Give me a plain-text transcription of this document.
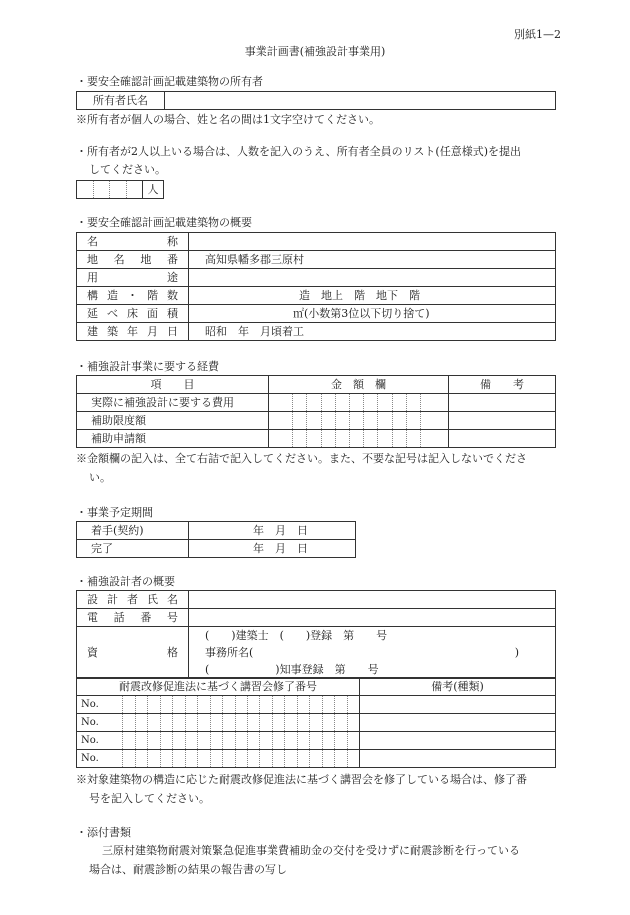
別紙1—2
事業計画書(補強設計事業用)
・要安全確認計画記載建築物の所有者
所有者氏名	
※所有者が個人の場合、姓と名の間は1文字空けてください。
・所有者が2人以上いる場合は、人数を記入のうえ、所有者全員のリスト(任意様式)を提出
してください。
	人
・要安全確認計画記載建築物の概要
名　　　称	
地 名 地 番	高知県幡多郡三原村
用　　　途	
構造・階数	造　地上　階　地下　階
延べ床面積	㎡(小数第3位以下切り捨て)
建築年月日	昭和　年　月頃着工
・補強設計事業に要する経費
項　　目	金　額　欄	備　　考
実際に補強設計に要する費用	

補助限度額	

補助申請額	

※金額欄の記入は、全て右詰で記入してください。また、不要な記号は記入しないでくださ
い。
・事業予定期間
着手(契約)	年　月　日
完了	年　月　日
・補強設計者の概要
設計者氏名	
電話番号	
資　　格	(　　)建築士　(　　)登録　第　　号
事務所名( )
(　　　　　　)知事登録　第　　号
耐震改修促進法に基づく講習会修了番号	備考(種類)

No.	

No.	

No.	

No.	

※対象建築物の構造に応じた耐震改修促進法に基づく講習会を修了している場合は、修了番
号を記入してください。
・添付書類
三原村建築物耐震対策緊急促進事業費補助金の交付を受けずに耐震診断を行っている
場合は、耐震診断の結果の報告書の写し
